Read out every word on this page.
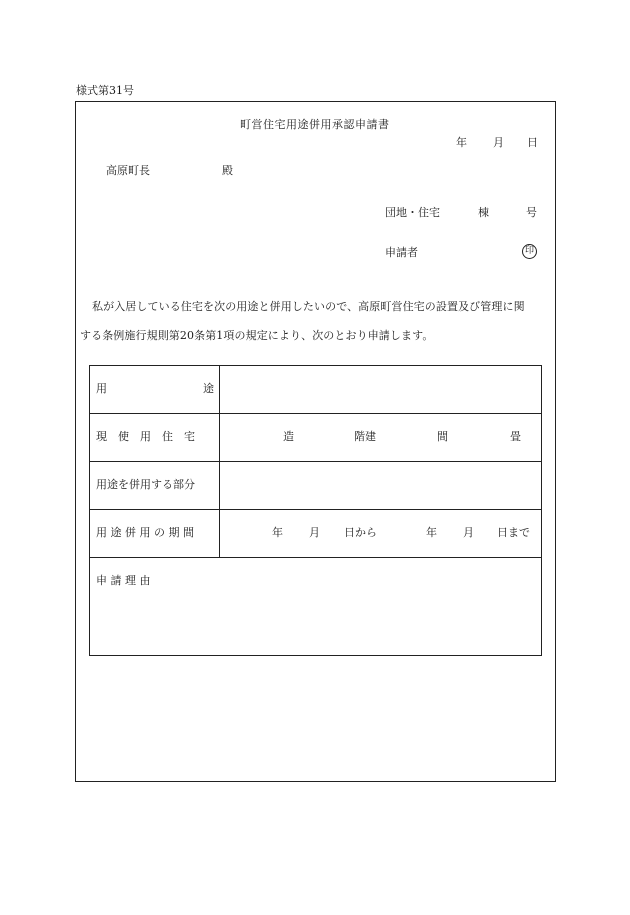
様式第31号
町営住宅用途併用承認申請書
年 月 日
高原町長	殿
団地・住宅	棟	号
申請者	印
私が入居している住宅を次の用途と併用したいので、高原町営住宅の設置及び管理に関
する条例施行規則第20条第1項の規定により、次のとおり申請します。
用	途
現　使　用　住　宅	造	階建	間	畳
用途を併用する部分
用 途 併 用 の 期 間	年 月 日から	年 月 日まで
申 請 理 由
